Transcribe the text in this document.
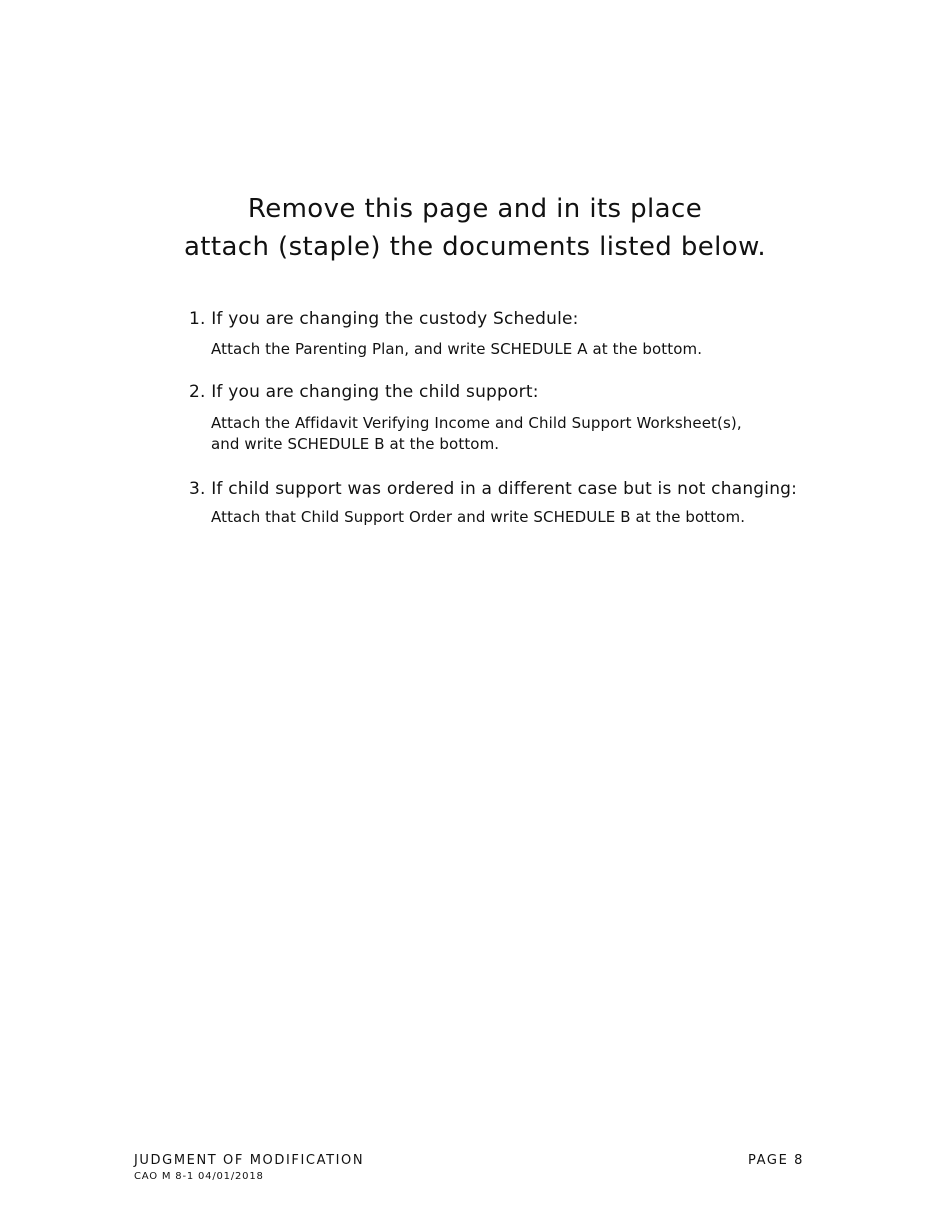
Remove this page and in its place
attach (staple) the documents listed below.
1. If you are changing the custody Schedule:
Attach the Parenting Plan, and write SCHEDULE A at the bottom.
2. If you are changing the child support:
Attach the Affidavit Verifying Income and Child Support Worksheet(s),
and write SCHEDULE B at the bottom.
3. If child support was ordered in a different case but is not changing:
Attach that Child Support Order and write SCHEDULE B at the bottom.
JUDGMENT OF MODIFICATION
CAO M 8-1 04/01/2018
PAGE 8
